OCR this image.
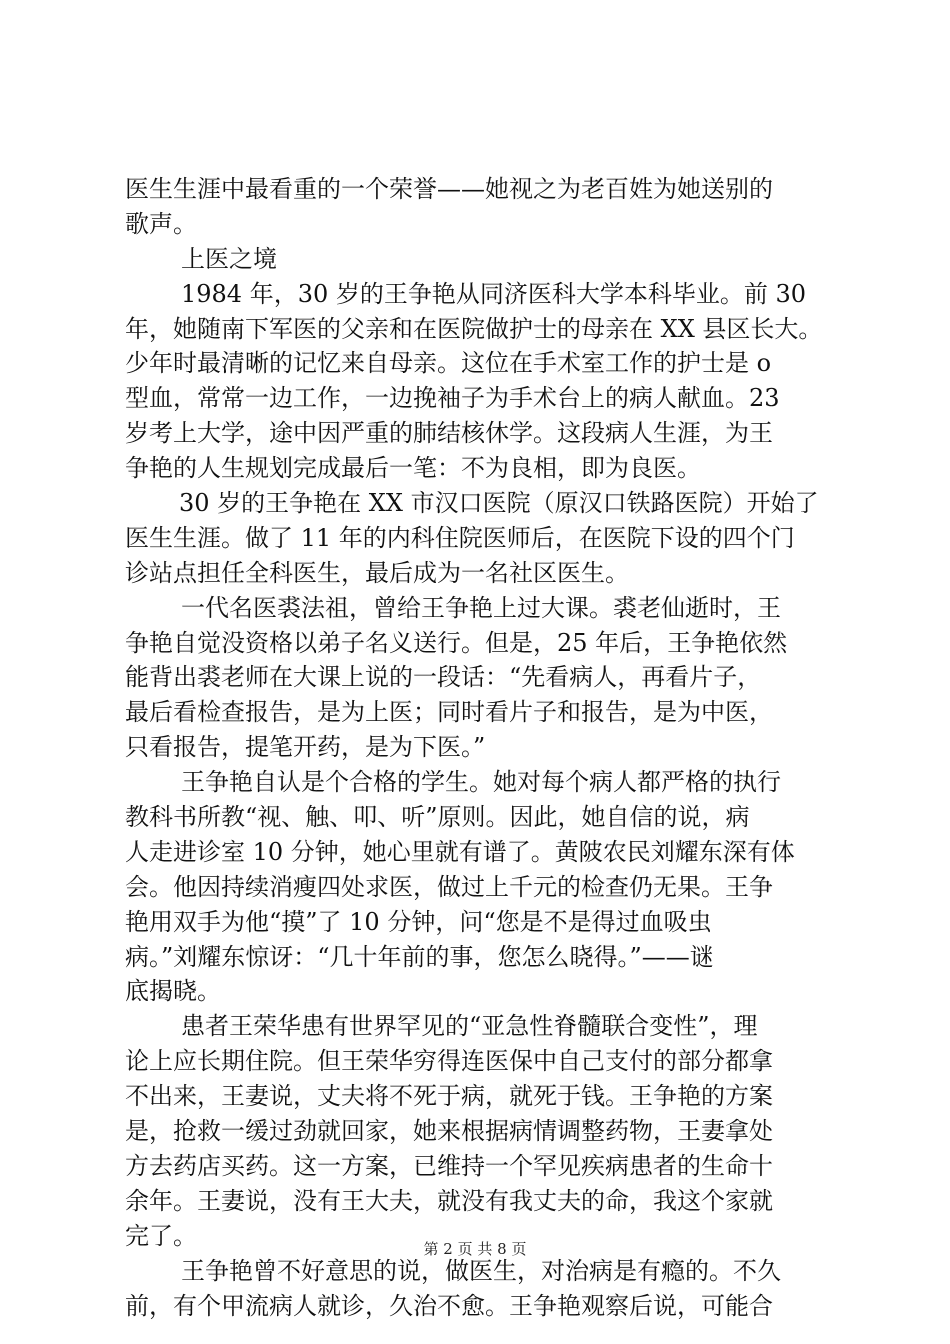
医生生涯中最看重的一个荣誉——她视之为老百姓为她送别的
歌声。
上医之境
1984 年，30 岁的王争艳从同济医科大学本科毕业。前 30
年，她随南下军医的父亲和在医院做护士的母亲在 XX 县区长大。
少年时最清晰的记忆来自母亲。这位在手术室工作的护士是 o
型血，常常一边工作，一边挽袖子为手术台上的病人献血。23
岁考上大学，途中因严重的肺结核休学。这段病人生涯，为王
争艳的人生规划完成最后一笔：不为良相，即为良医。
30 岁的王争艳在 XX 市汉口医院（原汉口铁路医院）开始了
医生生涯。做了 11 年的内科住院医师后，在医院下设的四个门
诊站点担任全科医生，最后成为一名社区医生。
一代名医裘法祖，曾给王争艳上过大课。裘老仙逝时，王
争艳自觉没资格以弟子名义送行。但是，25 年后，王争艳依然
能背出裘老师在大课上说的一段话：“先看病人，再看片子，
最后看检查报告，是为上医；同时看片子和报告，是为中医，
只看报告，提笔开药，是为下医。”
王争艳自认是个合格的学生。她对每个病人都严格的执行
教科书所教“视、触、叩、听”原则。因此，她自信的说，病
人走进诊室 10 分钟，她心里就有谱了。黄陂农民刘耀东深有体
会。他因持续消瘦四处求医，做过上千元的检查仍无果。王争
艳用双手为他“摸”了 10 分钟，问“您是不是得过血吸虫
病。”刘耀东惊讶：“几十年前的事，您怎么晓得。”——谜
底揭晓。
患者王荣华患有世界罕见的“亚急性脊髓联合变性”，理
论上应长期住院。但王荣华穷得连医保中自己支付的部分都拿
不出来，王妻说，丈夫将不死于病，就死于钱。王争艳的方案
是，抢救一缓过劲就回家，她来根据病情调整药物，王妻拿处
方去药店买药。这一方案，已维持一个罕见疾病患者的生命十
余年。王妻说，没有王大夫，就没有我丈夫的命，我这个家就
完了。
王争艳曾不好意思的说，做医生，对治病是有瘾的。不久
前，有个甲流病人就诊，久治不愈。王争艳观察后说，可能合
第 2 页 共 8 页
